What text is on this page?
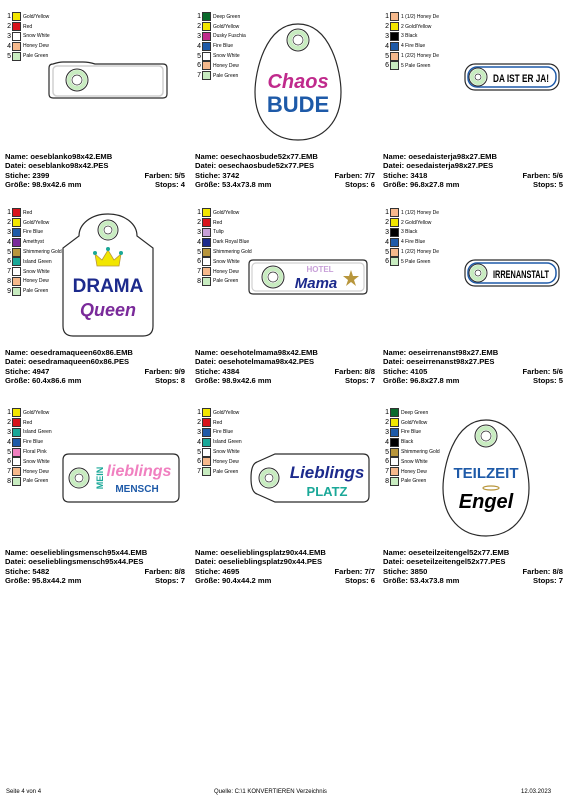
1 Gold/Yellow
2 Red
3 Snow White
4 Honey Dew
5 Pale Green
Name: oeseblanko98x42.EMB
Datei: oeseblanko98x42.PES
Stiche: 2399	Farben: 5/5
Größe: 98.9x42.6 mm	Stops: 4
1 Deep Green
2 Gold/Yellow
3 Dusky Fuschia
4 Fire Blue
5 Snow White
6 Honey Dew
7 Pale Green Chaos
BUDE
Name: oesechaosbude52x77.EMB
Datei: oesechaosbude52x77.PES
Stiche: 3742	Farben: 7/7
Größe: 53.4x73.8 mm	Stops: 6
1 1 (1/2) Honey De
2 2 Gold/Yellow
3 3 Black
4 4 Fire Blue
5 1 (2/2) Honey De
6 5 Pale Green
DA IST ER JA!
Name: oesedaisterja98x27.EMB
Datei: oesedaisterja98x27.PES
Stiche: 3418	Farben: 5/6
Größe: 96.8x27.8 mm	Stops: 5
1 Red
2 Gold/Yellow
3 Fire Blue
4 Amethyst
5 Shimmering Gold
6 Island Green
7 Snow White
8 Honey Dew
9 Pale Green DRAMA
Queen
Name: oesedramaqueen60x86.EMB
Datei: oesedramaqueen60x86.PES
Stiche: 4947	Farben: 9/9
Größe: 60.4x86.6 mm	Stops: 8
1 Gold/Yellow
2 Red
3 Tulip
4 Dark Royal Blue
5 Shimmering Gold
6 Snow White
7 Honey Dew
8 Pale Green
HOTEL
Mama
Name: oesehotelmama98x42.EMB
Datei: oesehotelmama98x42.PES
Stiche: 4384	Farben: 8/8
Größe: 98.9x42.6 mm	Stops: 7
1 1 (1/2) Honey De
2 2 Gold/Yellow
3 3 Black
4 4 Fire Blue
5 1 (2/2) Honey De
6 5 Pale Green
IRRENANSTALT
Name: oeseirrenanst98x27.EMB
Datei: oeseirrenanst98x27.PES
Stiche: 4105	Farben: 5/6
Größe: 96.8x27.8 mm	Stops: 5
1 Gold/Yellow
2 Red
3 Island Green
4 Fire Blue
5 Floral Pink
6 Snow White
7 Honey Dew
8 Pale Green	MEIN lieblings
MENSCH
Name: oeselieblingsmensch95x44.EMB
Datei: oeselieblingsmensch95x44.PES
Stiche: 5482	Farben: 8/8
Größe: 95.8x44.2 mm	Stops: 7
1 Gold/Yellow
2 Red
3 Fire Blue
4 Island Green
5 Snow White
6 Honey Dew
7 Pale Green	Lieblings
PLATZ
Name: oeselieblingsplatz90x44.EMB
Datei: oeselieblingsplatz90x44.PES
Stiche: 4695	Farben: 7/7
Größe: 90.4x44.2 mm	Stops: 6
1 Deep Green
2 Gold/Yellow
3 Fire Blue
4 Black
5 Shimmering Gold
6 Snow White
7 Honey Dew
8 Pale Green TEILZEIT
Engel
Name: oeseteilzeitengel52x77.EMB
Datei: oeseteilzeitengel52x77.PES
Stiche: 3850	Farben: 8/8
Größe: 53.4x73.8 mm	Stops: 7
Seite 4 von 4	Quelle: C:\1 KONVERTIEREN Verzeichnis	12.03.2023
